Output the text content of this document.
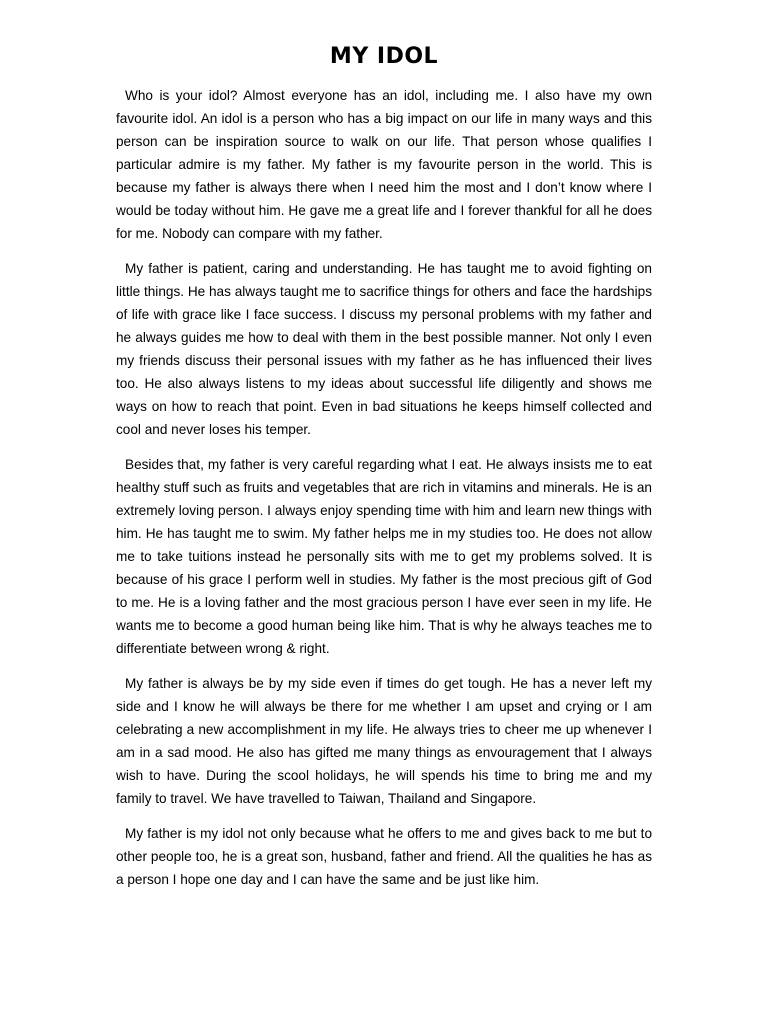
MY IDOL

Who is your idol? Almost everyone has an idol, including me. I also have my own favourite idol. An idol is a person who has a big impact on our life in many ways and this person can be inspiration source to walk on our life. That person whose qualifies I particular admire is my father. My father is my favourite person in the world. This is because my father is always there when I need him the most and I don’t know where I would be today without him. He gave me a great life and I forever thankful for all he does for me. Nobody can compare with my father.

My father is patient, caring and understanding. He has taught me to avoid fighting on little things. He has always taught me to sacrifice things for others and face the hardships of life with grace like I face success. I discuss my personal problems with my father and he always guides me how to deal with them in the best possible manner. Not only I even my friends discuss their personal issues with my father as he has influenced their lives too. He also always listens to my ideas about successful life diligently and shows me ways on how to reach that point. Even in bad situations he keeps himself collected and cool and never loses his temper.

Besides that, my father is very careful regarding what I eat. He always insists me to eat healthy stuff such as fruits and vegetables that are rich in vitamins and minerals. He is an extremely loving person. I always enjoy spending time with him and learn new things with him. He has taught me to swim. My father helps me in my studies too. He does not allow me to take tuitions instead he personally sits with me to get my problems solved. It is because of his grace I perform well in studies. My father is the most precious gift of God to me. He is a loving father and the most gracious person I have ever seen in my life. He wants me to become a good human being like him. That is why he always teaches me to differentiate between wrong & right.

My father is always be by my side even if times do get tough. He has a never left my side and I know he will always be there for me whether I am upset and crying or I am celebrating a new accomplishment in my life. He always tries to cheer me up whenever I am in a sad mood. He also has gifted me many things as envouragement that I always wish to have. During the scool holidays, he will spends his time to bring me and my family to travel. We have travelled to Taiwan, Thailand and Singapore.

My father is my idol not only because what he offers to me and gives back to me but to other people too, he is a great son, husband, father and friend. All the qualities he has as a person I hope one day and I can have the same and be just like him.
